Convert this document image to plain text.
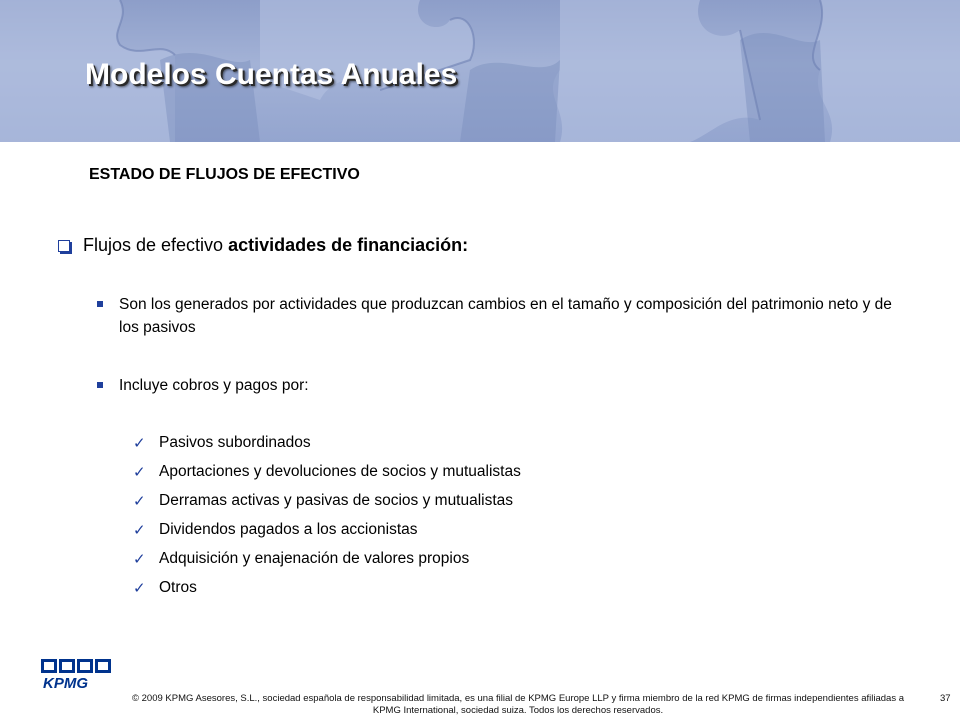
Modelos Cuentas Anuales
ESTADO DE FLUJOS DE EFECTIVO
Flujos de efectivo actividades de financiación:
Son los generados por actividades que produzcan cambios en el tamaño y composición del patrimonio neto y de los pasivos
Incluye cobros y pagos por:
✓ Pasivos subordinados
✓ Aportaciones y devoluciones de socios y mutualistas
✓ Derramas activas y pasivas de socios y mutualistas
✓ Dividendos pagados a los accionistas
✓ Adquisición y enajenación de valores propios
✓ Otros
KPMG
© 2009 KPMG Asesores, S.L., sociedad española de responsabilidad limitada, es una filial de KPMG Europe LLP y firma miembro de la red KPMG de firmas independientes afiliadas a KPMG International, sociedad suiza. Todos los derechos reservados.
37
